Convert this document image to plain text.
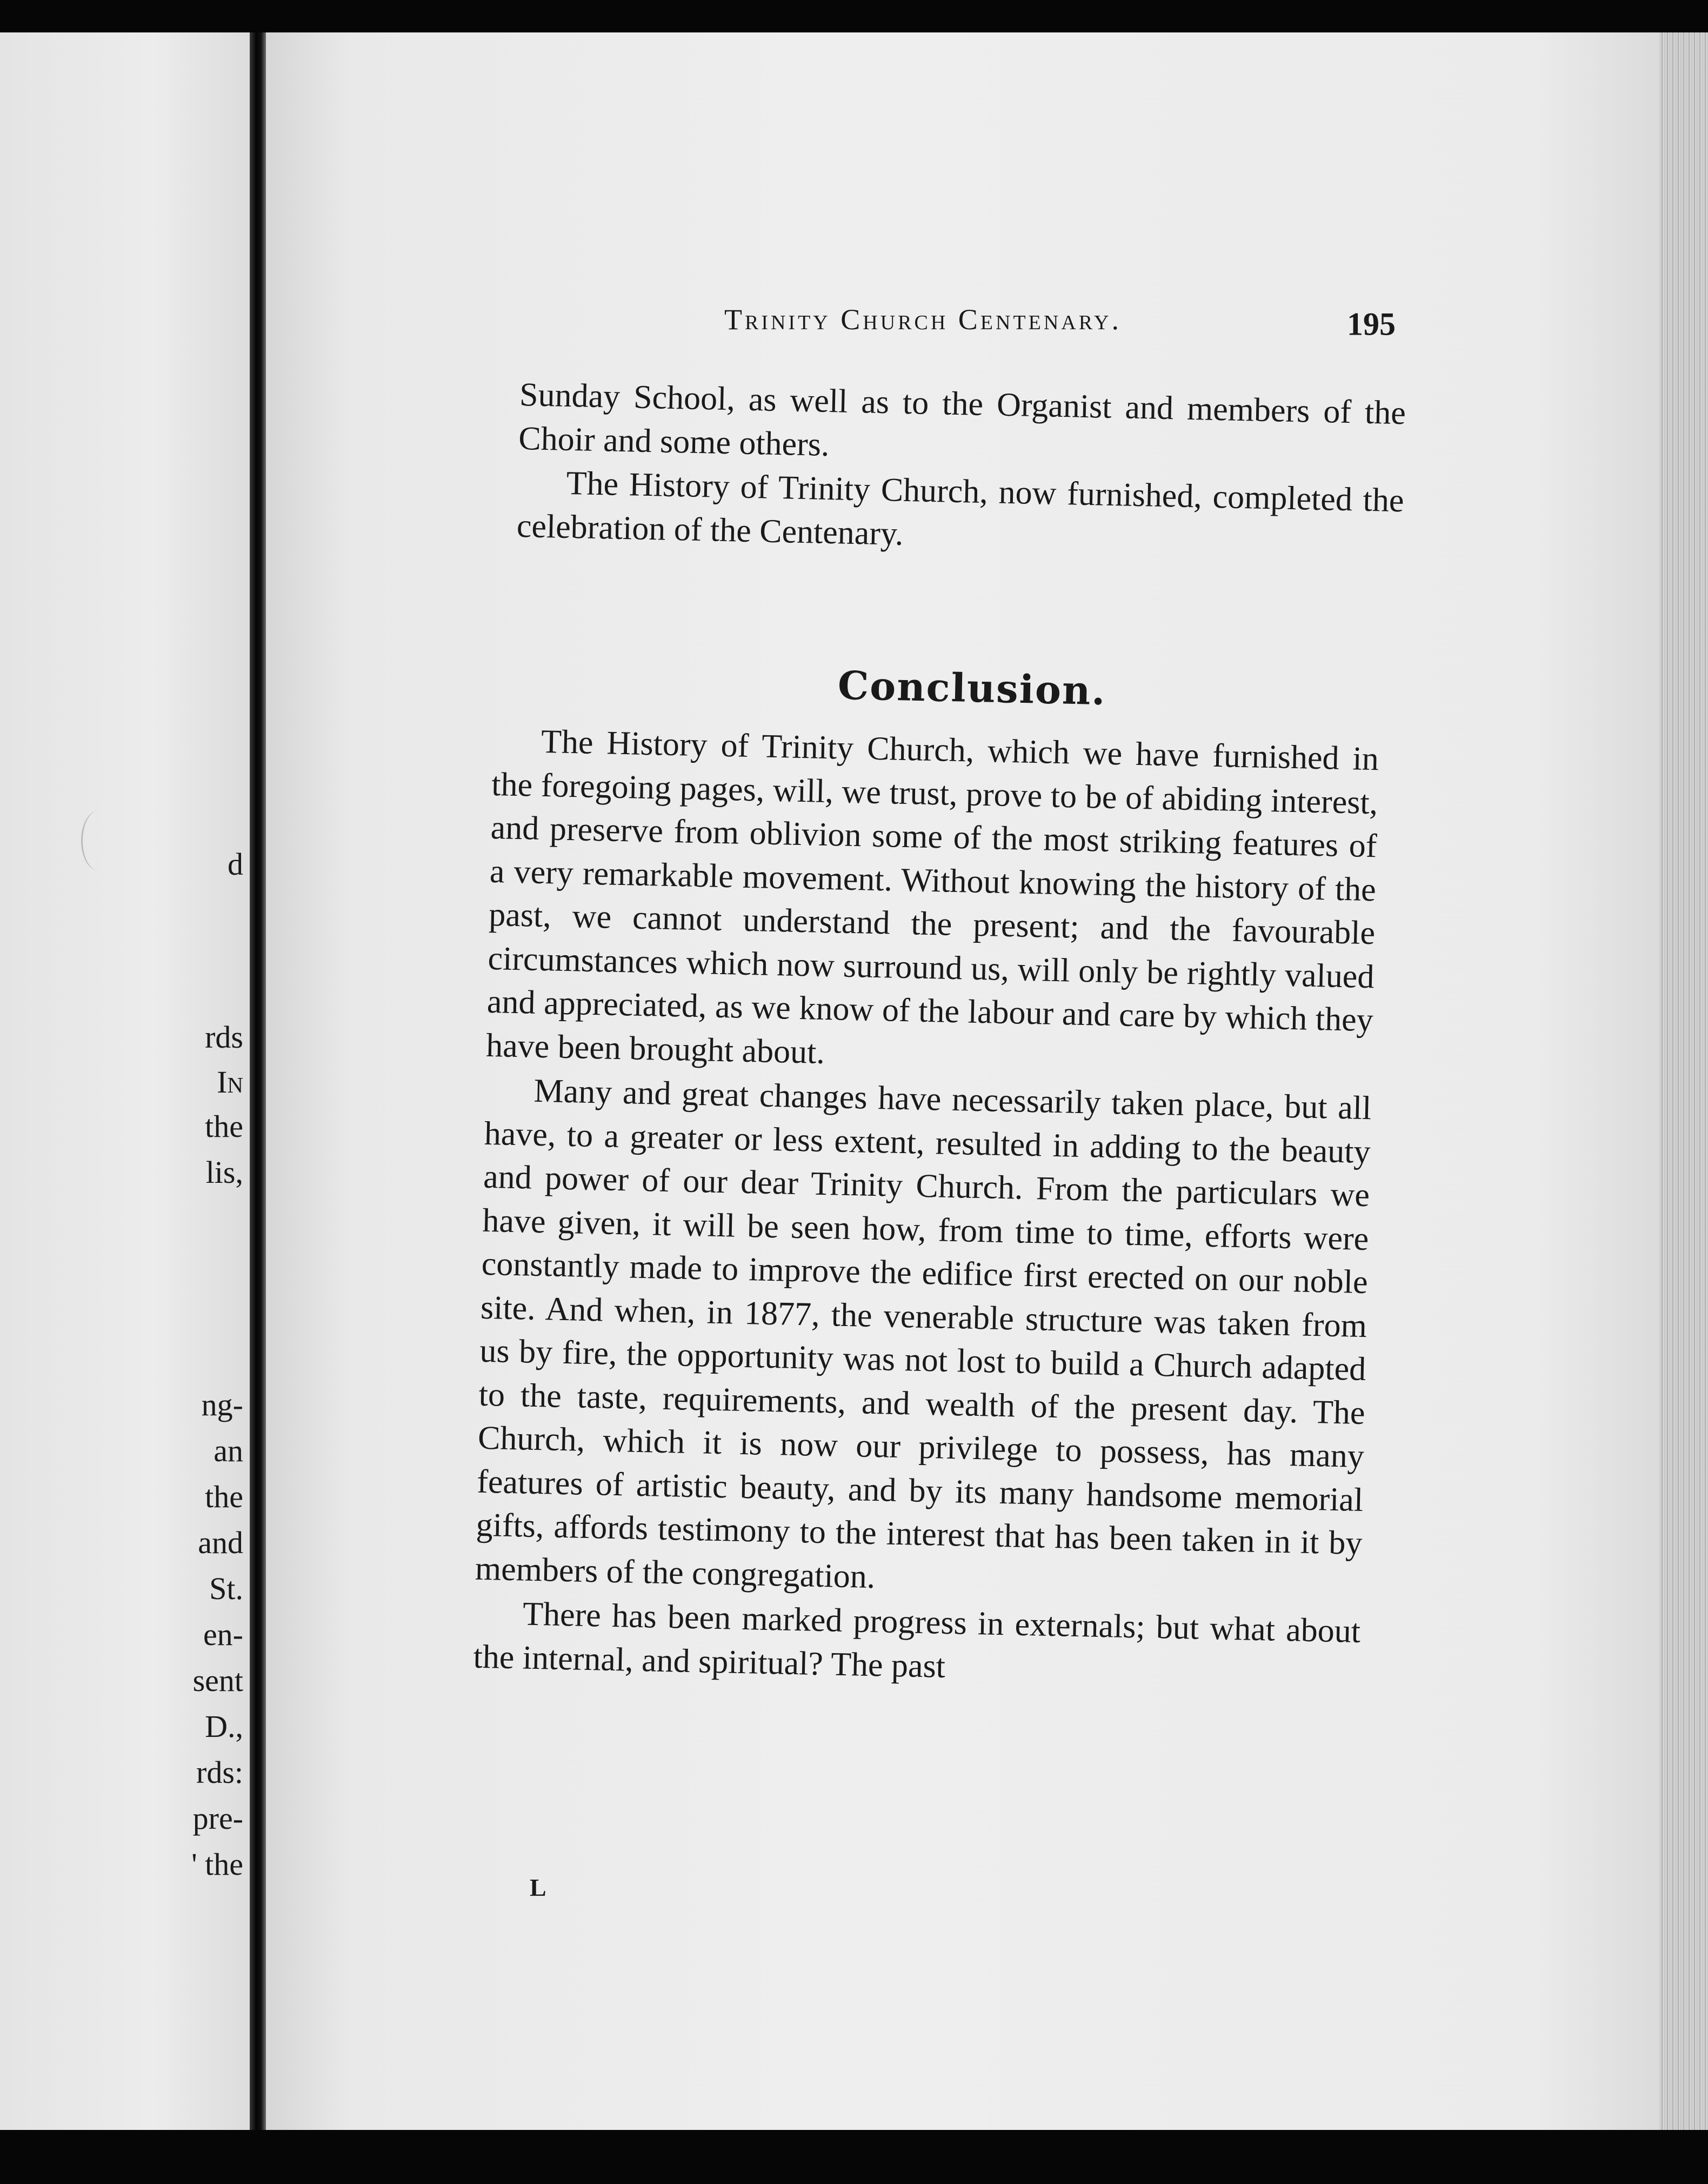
d
rds
In
the
lis,
ng-
an
the
and
St.
en-
sent
D.,
rds:
pre-
' the
Trinity Church Centenary.	195

Sunday School, as well as to the Organist and members of the Choir and some others.

The History of Trinity Church, now furnished, completed the celebration of the Centenary.

Conclusion.

The History of Trinity Church, which we have furnished in the foregoing pages, will, we trust, prove to be of abiding interest, and preserve from oblivion some of the most striking features of a very remarkable movement. Without knowing the history of the past, we cannot understand the present; and the favourable circumstances which now surround us, will only be rightly valued and appreciated, as we know of the labour and care by which they have been brought about.

Many and great changes have necessarily taken place, but all have, to a greater or less extent, resulted in adding to the beauty and power of our dear Trinity Church. From the particulars we have given, it will be seen how, from time to time, efforts were constantly made to improve the edifice first erected on our noble site. And when, in 1877, the venerable structure was taken from us by fire, the opportunity was not lost to build a Church adapted to the taste, requirements, and wealth of the present day. The Church, which it is now our privilege to possess, has many features of artistic beauty, and by its many handsome memorial gifts, affords testimony to the interest that has been taken in it by members of the congregation.

There has been marked progress in externals; but what about the internal, and spiritual? The past

L
